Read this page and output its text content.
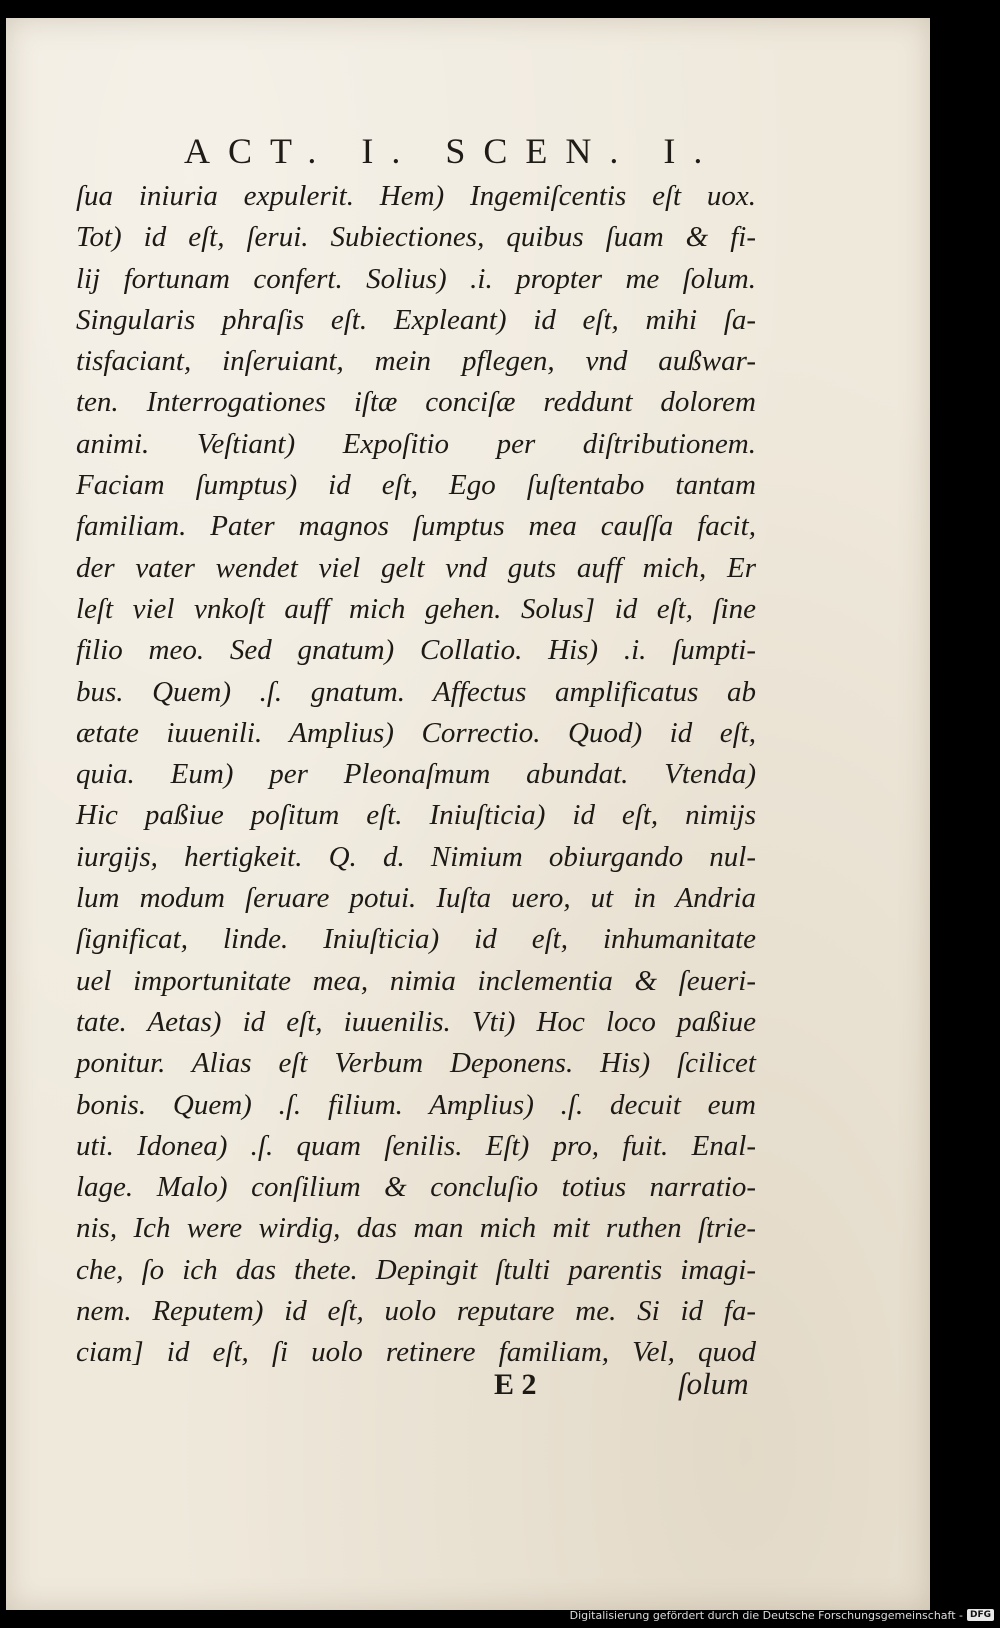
ACT. I. SCEN. I.
ſua iniuria expulerit. Hem) Ingemiſcentis eſt uox.
Tot) id eſt, ſerui. Subiectiones, quibus ſuam & fi-
lij fortunam confert. Solius) .i. propter me ſolum.
Singularis phraſis eſt. Expleant) id eſt, mihi ſa-
tisfaciant, inſeruiant, mein pflegen, vnd außwar-
ten. Interrogationes iſtæ conciſæ reddunt dolorem
animi. Veſtiant) Expoſitio per diſtributionem.
Faciam ſumptus) id eſt, Ego ſuſtentabo tantam
familiam. Pater magnos ſumptus mea cauſſa facit,
der vater wendet viel gelt vnd guts auff mich, Er
leſt viel vnkoſt auff mich gehen. Solus] id eſt, ſine
filio meo. Sed gnatum) Collatio. His) .i. ſumpti-
bus. Quem) .ſ. gnatum. Affectus amplificatus ab
ætate iuuenili. Amplius) Correctio. Quod) id eſt,
quia. Eum) per Pleonaſmum abundat. Vtenda)
Hic paßiue poſitum eſt. Iniuſticia) id eſt, nimijs
iurgijs, hertigkeit. Q. d. Nimium obiurgando nul-
lum modum ſeruare potui. Iuſta uero, ut in Andria
ſignificat, linde. Iniuſticia) id eſt, inhumanitate
uel importunitate mea, nimia inclementia & ſeueri-
tate. Aetas) id eſt, iuuenilis. Vti) Hoc loco paßiue
ponitur. Alias eſt Verbum Deponens. His) ſcilicet
bonis. Quem) .ſ. filium. Amplius) .ſ. decuit eum
uti. Idonea) .ſ. quam ſenilis. Eſt) pro, fuit. Enal-
lage. Malo) conſilium & concluſio totius narratio-
nis, Ich were wirdig, das man mich mit ruthen ſtrie-
che, ſo ich das thete. Depingit ſtulti parentis imagi-
nem. Reputem) id eſt, uolo reputare me. Si id fa-
ciam] id eſt, ſi uolo retinere familiam, Vel, quod
E 2	ſolum
Digitalisierung gefördert durch die Deutsche Forschungsgemeinschaft - DFG
